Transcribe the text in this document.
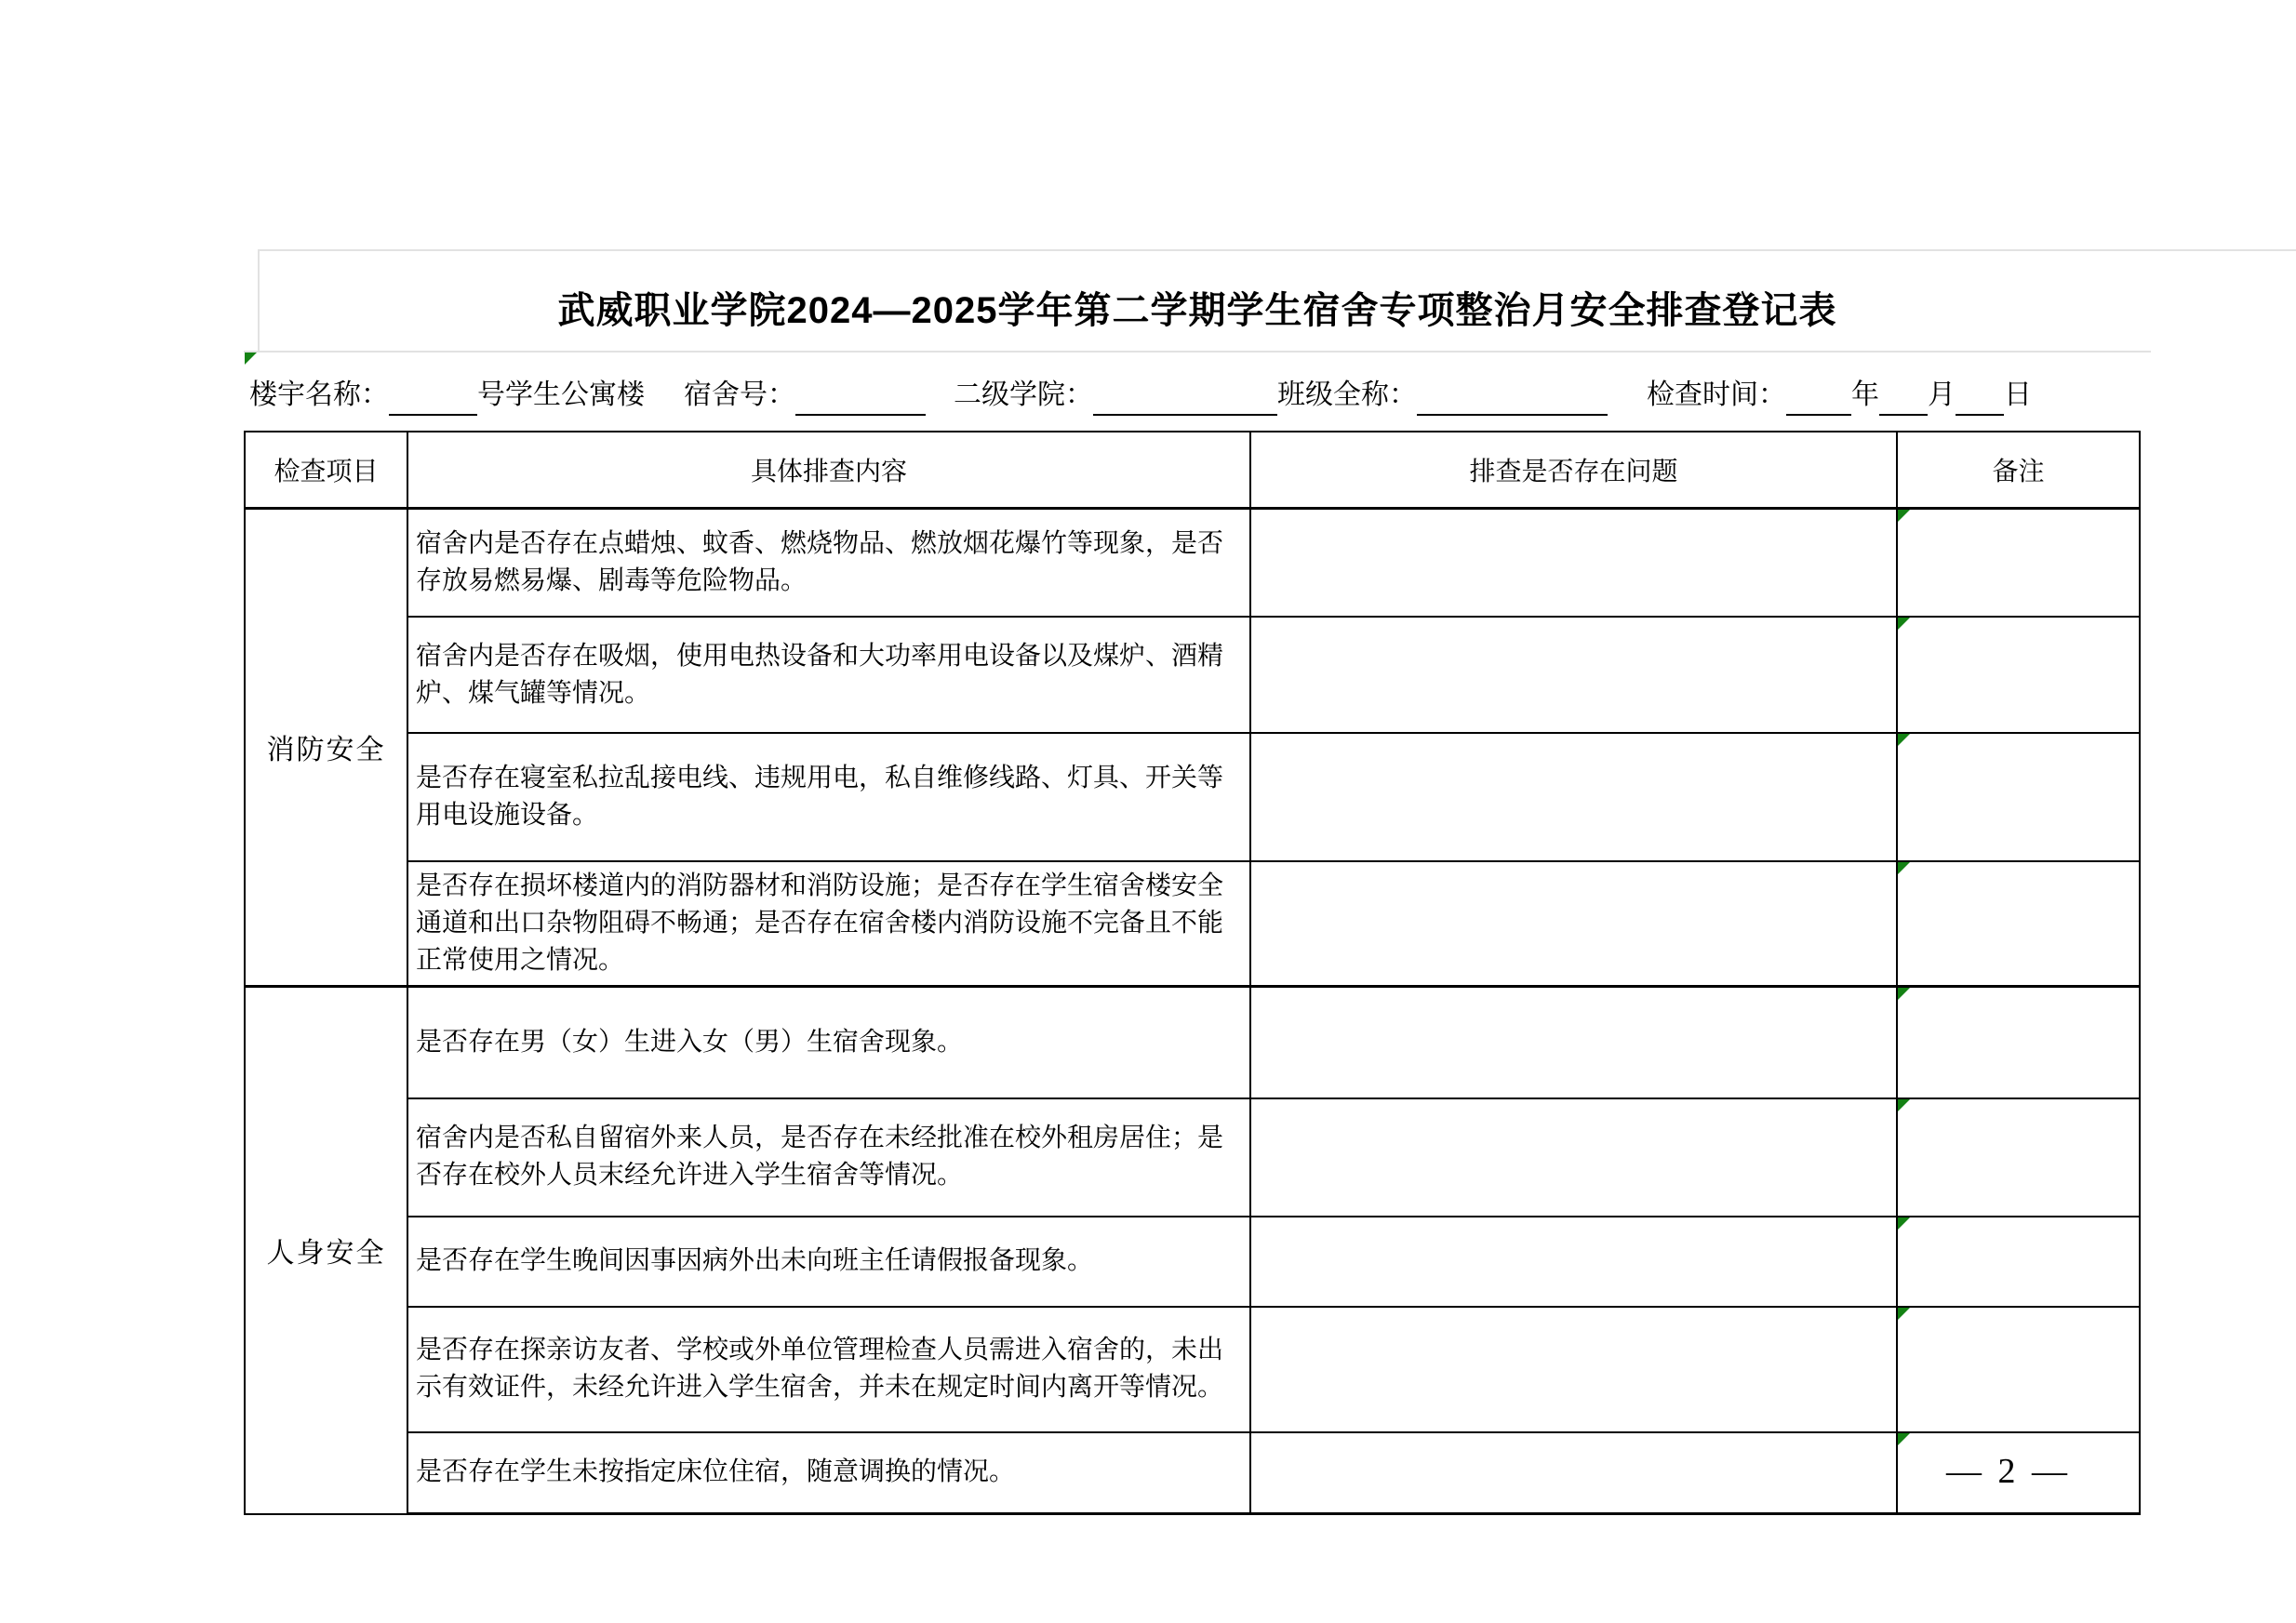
武威职业学院2024—2025学年第二学期学生宿舍专项整治月安全排查登记表
楼宇名称：	号学生公寓楼 宿舍号：	二级学院：	班级全称：	检查时间： 年 月 日
检查项目	具体排查内容	排查是否存在问题	备注
消防安全	宿舍内是否存在点蜡烛、蚊香、燃烧物品、燃放烟花爆竹等现象，是否存放易燃易爆、剧毒等危险物品。		

	宿舍内是否存在吸烟，使用电热设备和大功率用电设备以及煤炉、酒精炉、煤气罐等情况。		

	是否存在寝室私拉乱接电线、违规用电，私自维修线路、灯具、开关等用电设施设备。		

	是否存在损坏楼道内的消防器材和消防设施；是否存在学生宿舍楼安全通道和出口杂物阻碍不畅通；是否存在宿舍楼内消防设施不完备且不能正常使用之情况。		

人身安全	是否存在男（女）生进入女（男）生宿舍现象。		

	宿舍内是否私自留宿外来人员，是否存在未经批准在校外租房居住；是否存在校外人员末经允许进入学生宿舍等情况。		

	是否存在学生晚间因事因病外出未向班主任请假报备现象。		

	是否存在探亲访友者、学校或外单位管理检查人员需进入宿舍的，未出示有效证件，未经允许进入学生宿舍，并未在规定时间内离开等情况。		

	是否存在学生未按指定床位住宿，随意调换的情况。			— 2 —
